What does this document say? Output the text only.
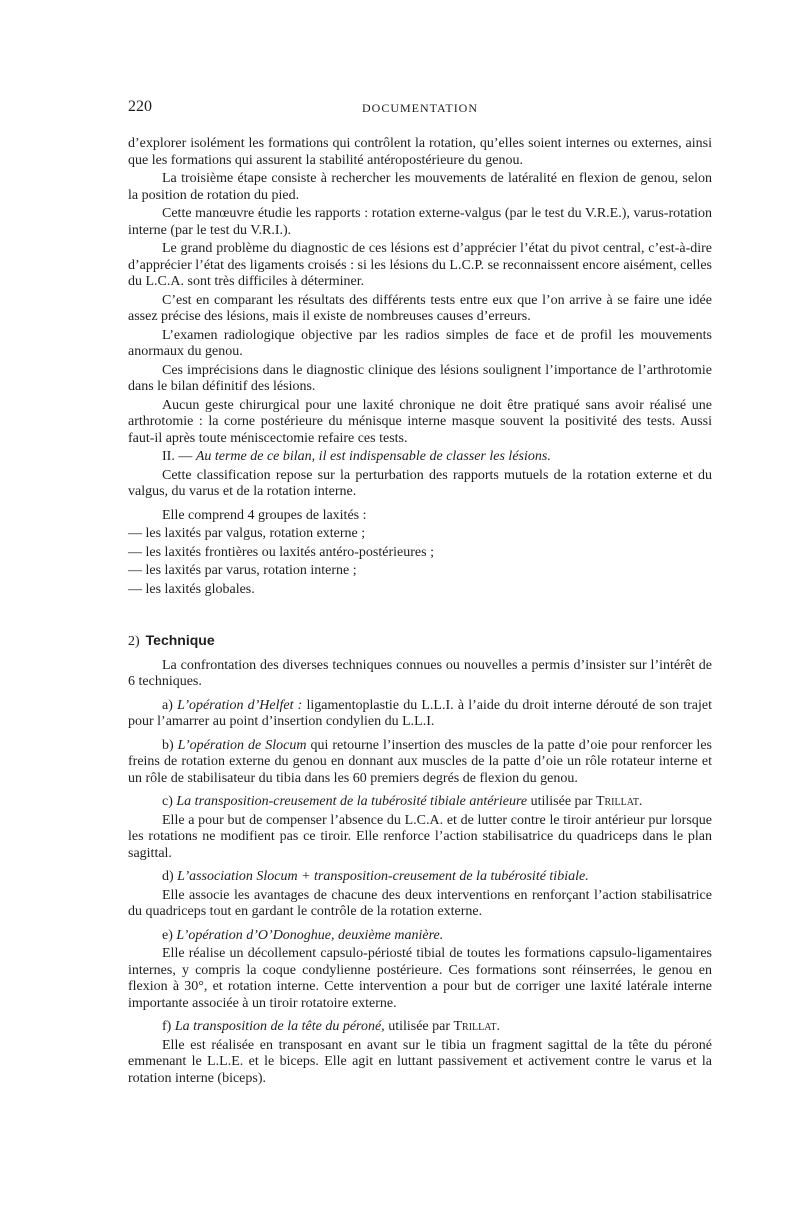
220	DOCUMENTATION

d’explorer isolément les formations qui contrôlent la rotation, qu’elles soient internes ou externes, ainsi que les formations qui assurent la stabilité antéropostérieure du genou.

La troisième étape consiste à rechercher les mouvements de latéralité en flexion de genou, selon la position de rotation du pied.

Cette manœuvre étudie les rapports : rotation externe-valgus (par le test du V.R.E.), varus-rotation interne (par le test du V.R.I.).

Le grand problème du diagnostic de ces lésions est d’apprécier l’état du pivot central, c’est-à-dire d’apprécier l’état des ligaments croisés : si les lésions du L.C.P. se reconnaissent encore aisément, celles du L.C.A. sont très difficiles à déterminer.

C’est en comparant les résultats des différents tests entre eux que l’on arrive à se faire une idée assez précise des lésions, mais il existe de nombreuses causes d’erreurs.

L’examen radiologique objective par les radios simples de face et de profil les mouvements anormaux du genou.

Ces imprécisions dans le diagnostic clinique des lésions soulignent l’importance de l’arthrotomie dans le bilan définitif des lésions.

Aucun geste chirurgical pour une laxité chronique ne doit être pratiqué sans avoir réalisé une arthrotomie : la corne postérieure du ménisque interne masque souvent la positivité des tests. Aussi faut-il après toute méniscectomie refaire ces tests.

II. — Au terme de ce bilan, il est indispensable de classer les lésions.

Cette classification repose sur la perturbation des rapports mutuels de la rotation externe et du valgus, du varus et de la rotation interne.

Elle comprend 4 groupes de laxités :

— les laxités par valgus, rotation externe ;

— les laxités frontières ou laxités antéro-postérieures ;

— les laxités par varus, rotation interne ;

— les laxités globales.

2) Technique

La confrontation des diverses techniques connues ou nouvelles a permis d’insister sur l’intérêt de 6 techniques.

a) L’opération d’Helfet : ligamentoplastie du L.L.I. à l’aide du droit interne dérouté de son trajet pour l’amarrer au point d’insertion condylien du L.L.I.

b) L’opération de Slocum qui retourne l’insertion des muscles de la patte d’oie pour renforcer les freins de rotation externe du genou en donnant aux muscles de la patte d’oie un rôle rotateur interne et un rôle de stabilisateur du tibia dans les 60 premiers degrés de flexion du genou.

c) La transposition-creusement de la tubérosité tibiale antérieure utilisée par Trillat.

Elle a pour but de compenser l’absence du L.C.A. et de lutter contre le tiroir antérieur pur lorsque les rotations ne modifient pas ce tiroir. Elle renforce l’action stabilisatrice du quadriceps dans le plan sagittal.

d) L’association Slocum + transposition-creusement de la tubérosité tibiale.

Elle associe les avantages de chacune des deux interventions en renforçant l’action stabilisatrice du quadriceps tout en gardant le contrôle de la rotation externe.

e) L’opération d’O’Donoghue, deuxième manière.

Elle réalise un décollement capsulo-périosté tibial de toutes les formations capsulo-ligamentaires internes, y compris la coque condylienne postérieure. Ces formations sont réinserrées, le genou en flexion à 30°, et rotation interne. Cette intervention a pour but de corriger une laxité latérale interne importante associée à un tiroir rotatoire externe.

f) La transposition de la tête du péroné, utilisée par Trillat.

Elle est réalisée en transposant en avant sur le tibia un fragment sagittal de la tête du péroné emmenant le L.L.E. et le biceps. Elle agit en luttant passivement et activement contre le varus et la rotation interne (biceps).
